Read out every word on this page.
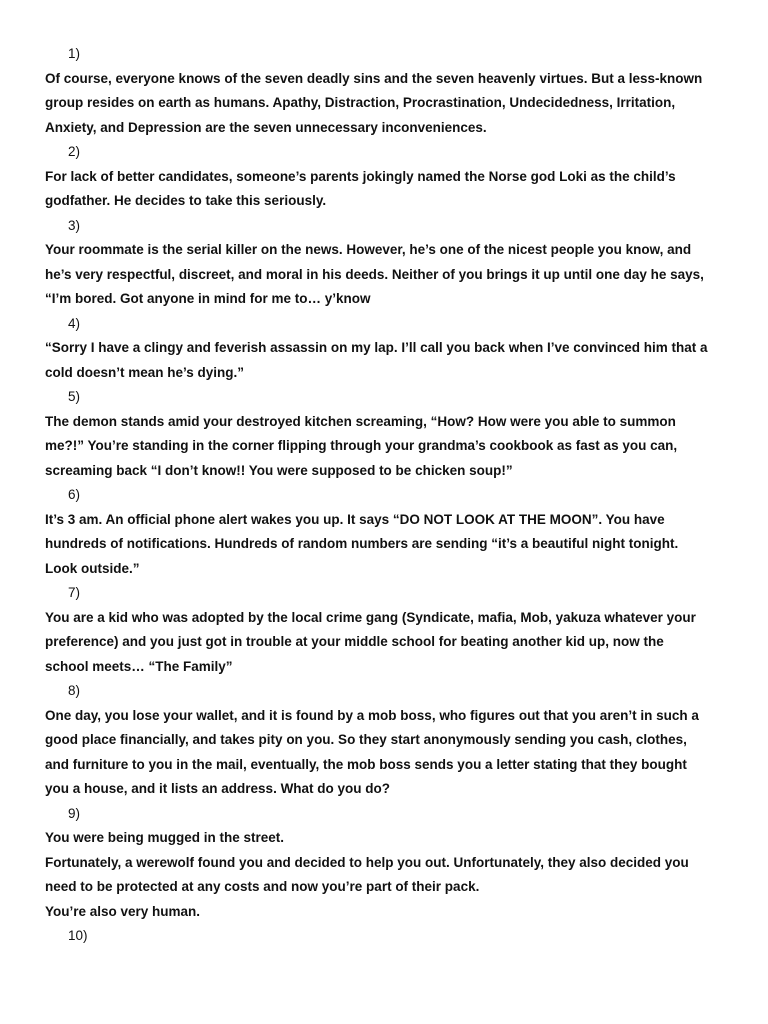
1)

Of course, everyone knows of the seven deadly sins and the seven heavenly virtues. But a less-known
group resides on earth as humans. Apathy, Distraction, Procrastination, Undecidedness, Irritation,
Anxiety, and Depression are the seven unnecessary inconveniences.

2)

For lack of better candidates, someone’s parents jokingly named the Norse god Loki as the child’s
godfather. He decides to take this seriously.

3)

Your roommate is the serial killer on the news. However, he’s one of the nicest people you know, and
he’s very respectful, discreet, and moral in his deeds. Neither of you brings it up until one day he says,
“I’m bored. Got anyone in mind for me to… y’know

4)

“Sorry I have a clingy and feverish assassin on my lap. I’ll call you back when I’ve convinced him that a
cold doesn’t mean he’s dying.”

5)

The demon stands amid your destroyed kitchen screaming, “How? How were you able to summon
me?!” You’re standing in the corner flipping through your grandma’s cookbook as fast as you can,
screaming back “I don’t know!! You were supposed to be chicken soup!”

6)

It’s 3 am. An official phone alert wakes you up. It says “DO NOT LOOK AT THE MOON”. You have
hundreds of notifications. Hundreds of random numbers are sending “it’s a beautiful night tonight.
Look outside.”

7)

You are a kid who was adopted by the local crime gang (Syndicate, mafia, Mob, yakuza whatever your
preference) and you just got in trouble at your middle school for beating another kid up, now the
school meets… “The Family”

8)

One day, you lose your wallet, and it is found by a mob boss, who figures out that you aren’t in such a
good place financially, and takes pity on you. So they start anonymously sending you cash, clothes,
and furniture to you in the mail, eventually, the mob boss sends you a letter stating that they bought
you a house, and it lists an address. What do you do?

9)

You were being mugged in the street.
Fortunately, a werewolf found you and decided to help you out. Unfortunately, they also decided you
need to be protected at any costs and now you’re part of their pack.
You’re also very human.

10)
